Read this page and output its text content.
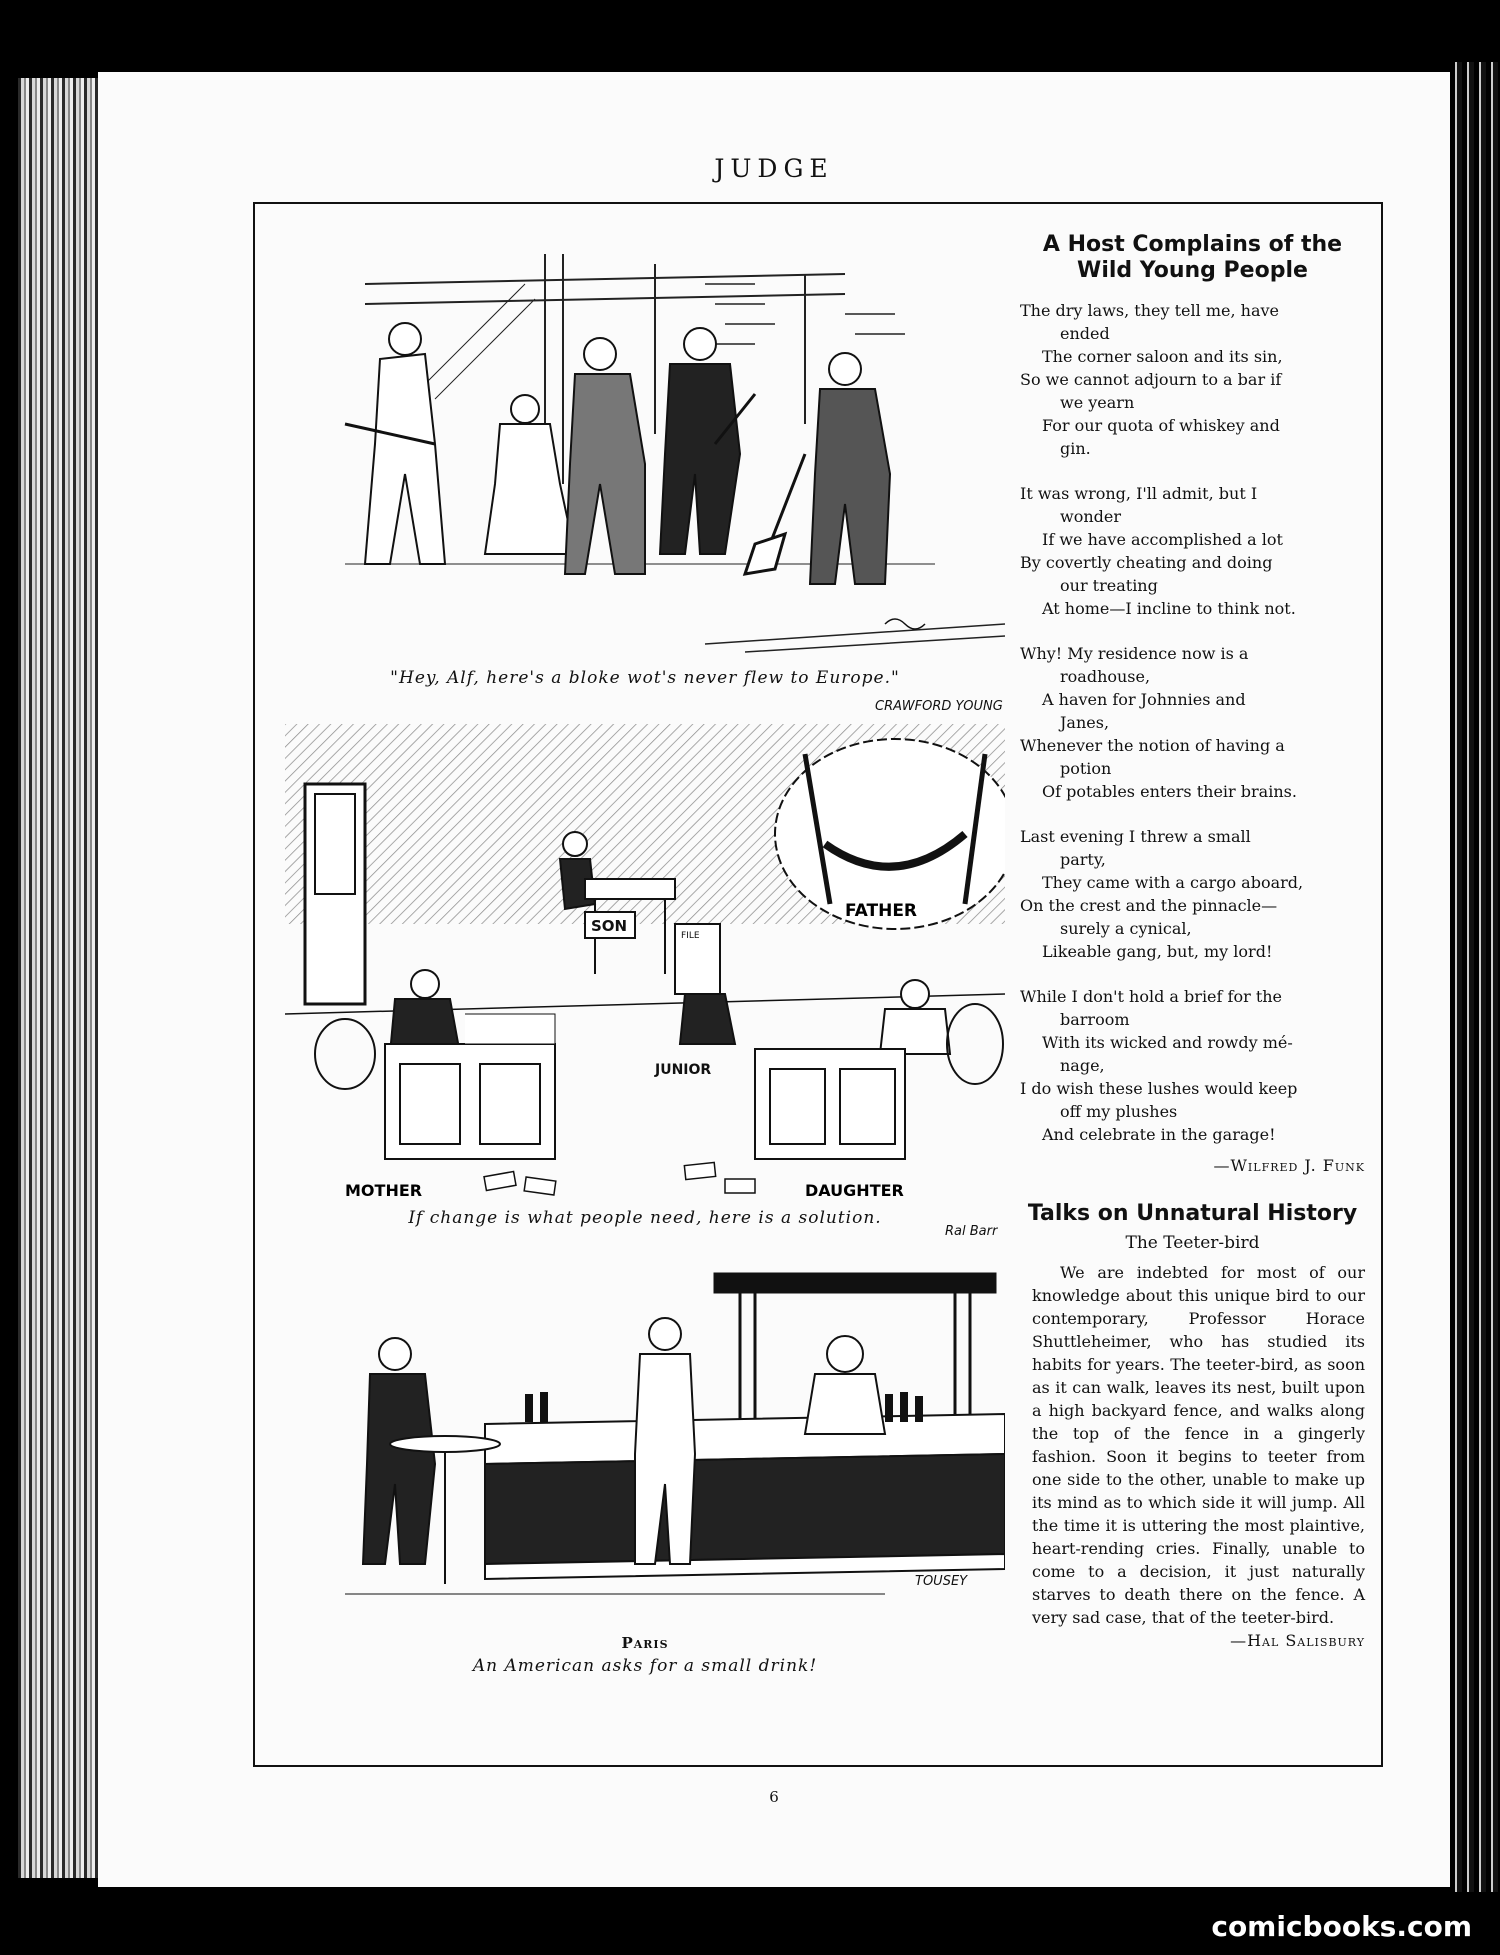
JUDGE
"Hey, Alf, here's a bloke wot's never flew to Europe."
FATHER
SON
FILE
JUNIOR
MOTHER	DAUGHTER
If change is what people need, here is a solution.
Paris
An American asks for a small drink!
A Host Complains of the Wild Young People
The dry laws, they tell me, have
ended
The corner saloon and its sin,
So we cannot adjourn to a bar if
we yearn
For our quota of whiskey and
gin.
It was wrong, I'll admit, but I
wonder
If we have accomplished a lot
By covertly cheating and doing
our treating
At home—I incline to think not.
Why! My residence now is a
roadhouse,
A haven for Johnnies and
Janes,
Whenever the notion of having a
potion
Of potables enters their brains.
Last evening I threw a small
party,
They came with a cargo aboard,
On the crest and the pinnacle—
surely a cynical,
Likeable gang, but, my lord!
While I don't hold a brief for the
barroom
With its wicked and rowdy mé-
nage,
I do wish these lushes would keep
off my plushes
And celebrate in the garage!
—Wilfred J. Funk
Talks on Unnatural History
The Teeter-bird

We are indebted for most of our knowledge about this unique bird to our contemporary, Professor Horace Shuttleheimer, who has studied its habits for years. The teeter-bird, as soon as it can walk, leaves its nest, built upon a high backyard fence, and walks along the top of the fence in a gingerly fashion. Soon it begins to teeter from one side to the other, unable to make up its mind as to which side it will jump. All the time it is uttering the most plaintive, heart-rending cries. Finally, unable to come to a decision, it just naturally starves to death there on the fence. A very sad case, that of the teeter-bird.

—Hal Salisbury
CRAWFORD YOUNG
Ral Barr
TOUSEY
6
comicbooks.com
